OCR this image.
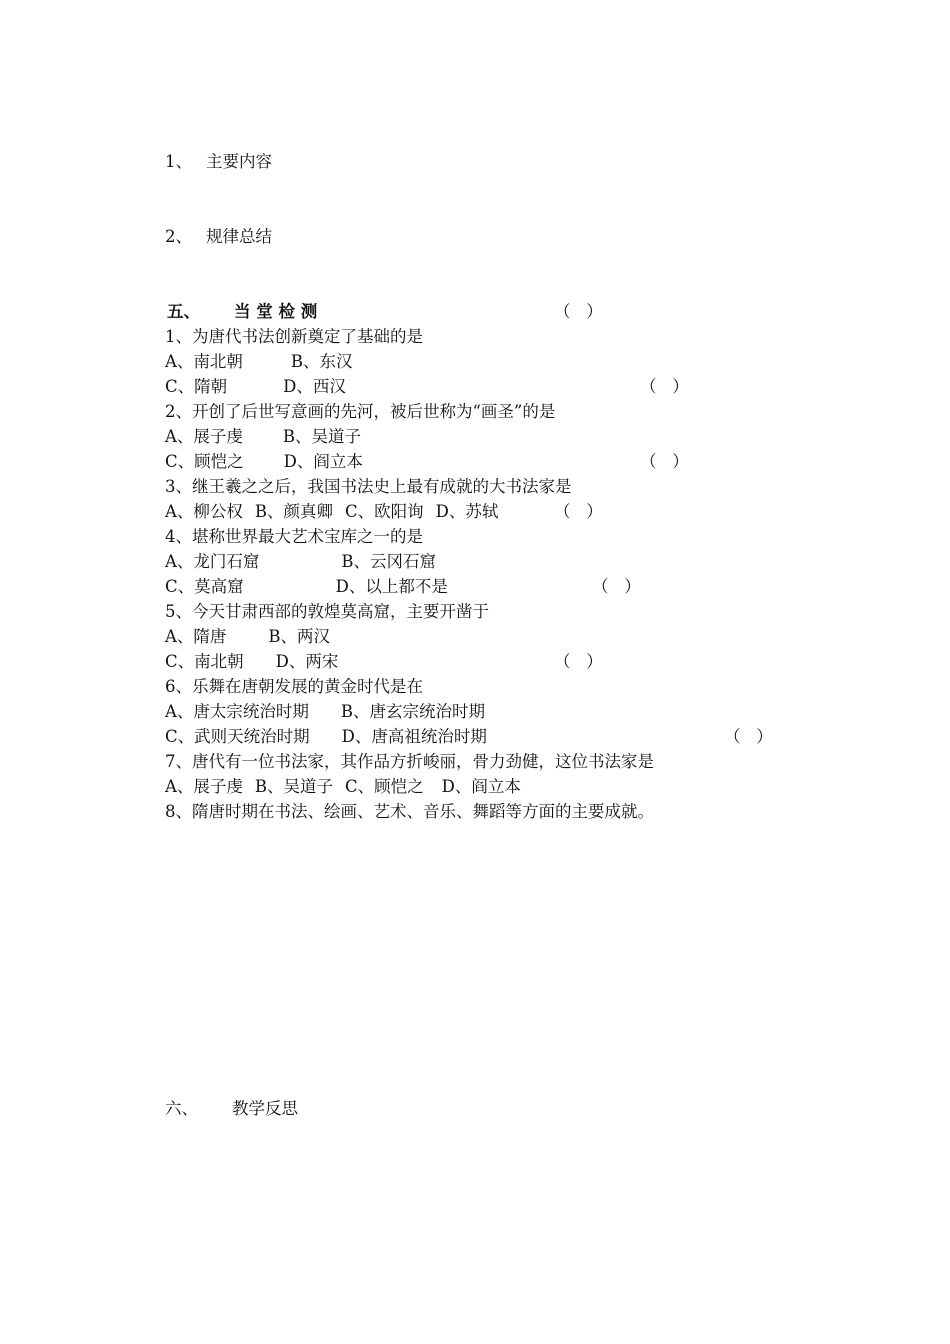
1、 主要内容

2、 规律总结

五、 当 堂 检 测

1、为唐代书法创新奠定了基础的是

（   ）

A、南北朝	B、东汉

C、隋朝	D、西汉

2、开创了后世写意画的先河，被后世称为“画圣”的是

（   ）

A、展子虔 B、吴道子

C、顾恺之 D、阎立本

3、继王羲之之后，我国书法史上最有成就的大书法家是

（   ）

A、柳公权 B、颜真卿 C、欧阳询 D、苏轼

4、堪称世界最大艺术宝库之一的是

（   ）

A、龙门石窟	B、云冈石窟

C、莫高窟	D、以上都不是

5、今天甘肃西部的敦煌莫高窟，主要开凿于

（   ）

A、隋唐	B、两汉

C、南北朝 D、两宋

6、乐舞在唐朝发展的黄金时代是在

（   ）

A、唐太宗统治时期 B、唐玄宗统治时期

C、武则天统治时期 D、唐高祖统治时期

7、唐代有一位书法家，其作品方折峻丽，骨力劲健，这位书法家是

（   ）

A、展子虔 B、吴道子 C、顾恺之 D、阎立本

8、隋唐时期在书法、绘画、艺术、音乐、舞蹈等方面的主要成就。

六、 教学反思
